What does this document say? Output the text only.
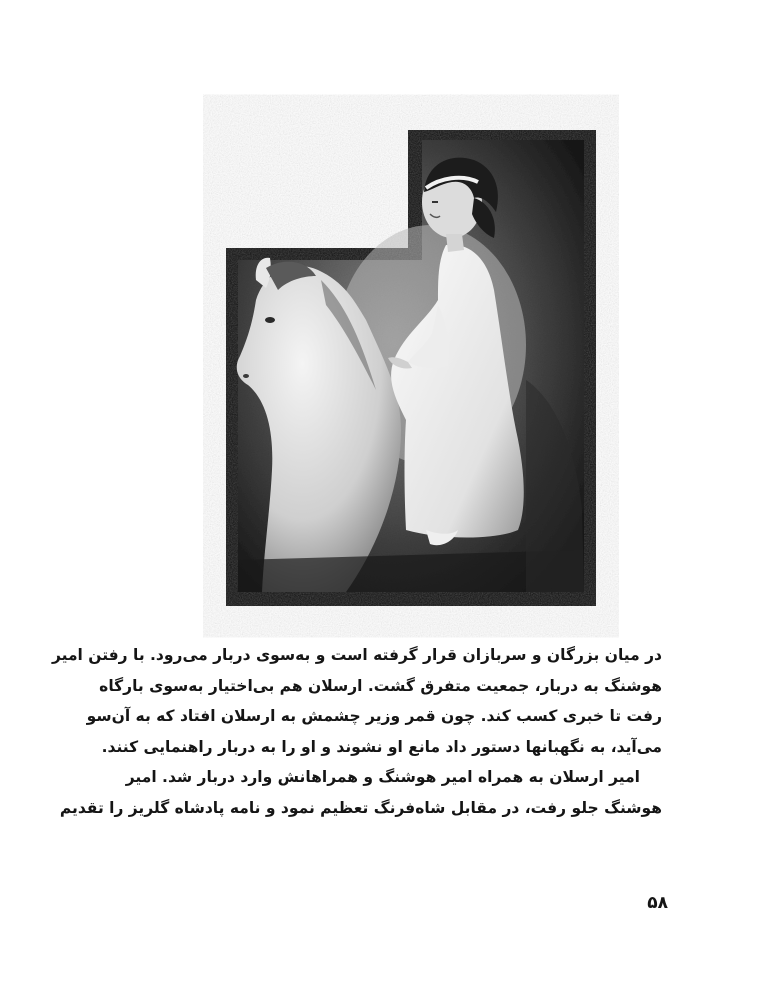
در میان بزرگان و سربازان قرار گرفته است و به‌سوی دربار می‌رود. با رفتن امیر
هوشنگ به دربار، جمعیت متفرق گشت. ارسلان هم بی‌اختیار به‌سوی بارگاه
رفت تا خبری کسب کند. چون قمر وزیر چشمش به ارسلان افتاد که به آن‌سو
می‌آید، به نگهبانها دستور داد مانع او نشوند و او را به دربار راهنمایی کنند.
امیر ارسلان به همراه امیر هوشنگ و همراهانش وارد دربار شد. امیر
هوشنگ جلو رفت، در مقابل شاه‌فرنگ تعظیم نمود و نامه پادشاه گلریز را تقدیم
۵۸
